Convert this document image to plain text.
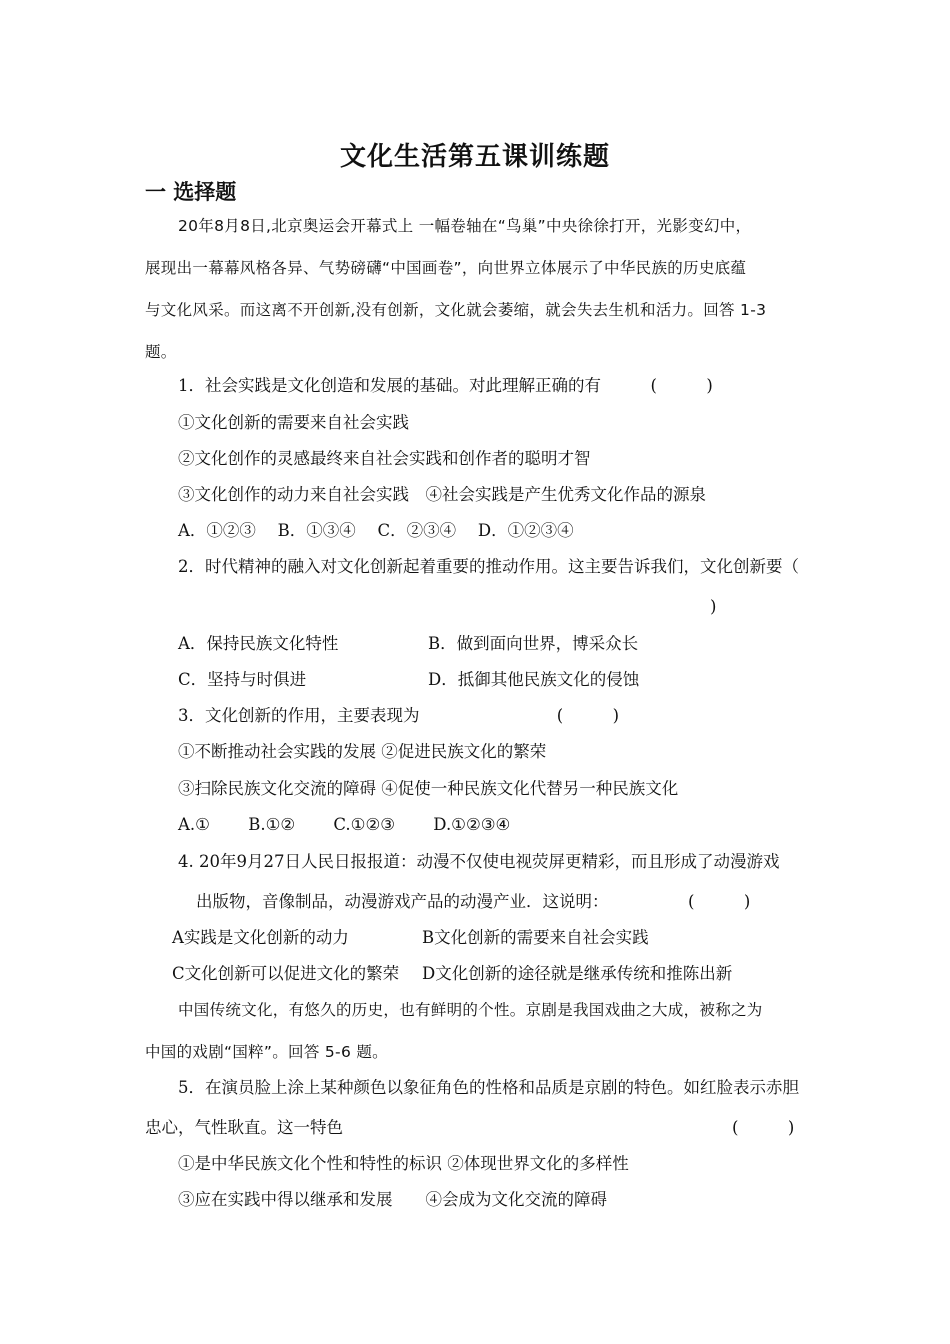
文化生活第五课训练题
一 选择题
20年8月8日,北京奥运会开幕式上 一幅卷轴在“鸟巢”中央徐徐打开，光影变幻中，
展现出一幕幕风格各异、气势磅礴“中国画卷”，向世界立体展示了中华民族的历史底蕴
与文化风采。而这离不开创新,没有创新，文化就会萎缩，就会失去生机和活力。回答 1-3
题。
1．社会实践是文化创造和发展的基础。对此理解正确的有　　　(　　　)
①文化创新的需要来自社会实践
②文化创作的灵感最终来自社会实践和创作者的聪明才智
③文化创作的动力来自社会实践　④社会实践是产生优秀文化作品的源泉
A．①②③　 B．①③④　 C．②③④　 D．①②③④
2．时代精神的融入对文化创新起着重要的推动作用。这主要告诉我们，文化创新要（
)
A．保持民族文化特性	B．做到面向世界，博采众长
C．坚持与时俱进	D．抵御其他民族文化的侵蚀
3．文化创新的作用，主要表现为　　　　　　　　 (　　　)
①不断推动社会实践的发展 ②促进民族文化的繁荣
③扫除民族文化交流的障碍 ④促使一种民族文化代替另一种民族文化
A.①　　 B.①②　　 C.①②③　　 D.①②③④
4. 20年9月27日人民日报报道：动漫不仅使电视荧屏更精彩，而且形成了动漫游戏
出版物，音像制品，动漫游戏产品的动漫产业．这说明：　　　　　 (　　　)
A实践是文化创新的动力	B文化创新的需要来自社会实践
C文化创新可以促进文化的繁荣 D文化创新的途径就是继承传统和推陈出新
中国传统文化，有悠久的历史，也有鲜明的个性。京剧是我国戏曲之大成，被称之为
中国的戏剧“国粹”。回答 5-6 题。
5．在演员脸上涂上某种颜色以象征角色的性格和品质是京剧的特色。如红脸表示赤胆
忠心，气性耿直。这一特色	(　　　)
①是中华民族文化个性和特性的标识 ②体现世界文化的多样性
③应在实践中得以继承和发展　　④会成为文化交流的障碍
